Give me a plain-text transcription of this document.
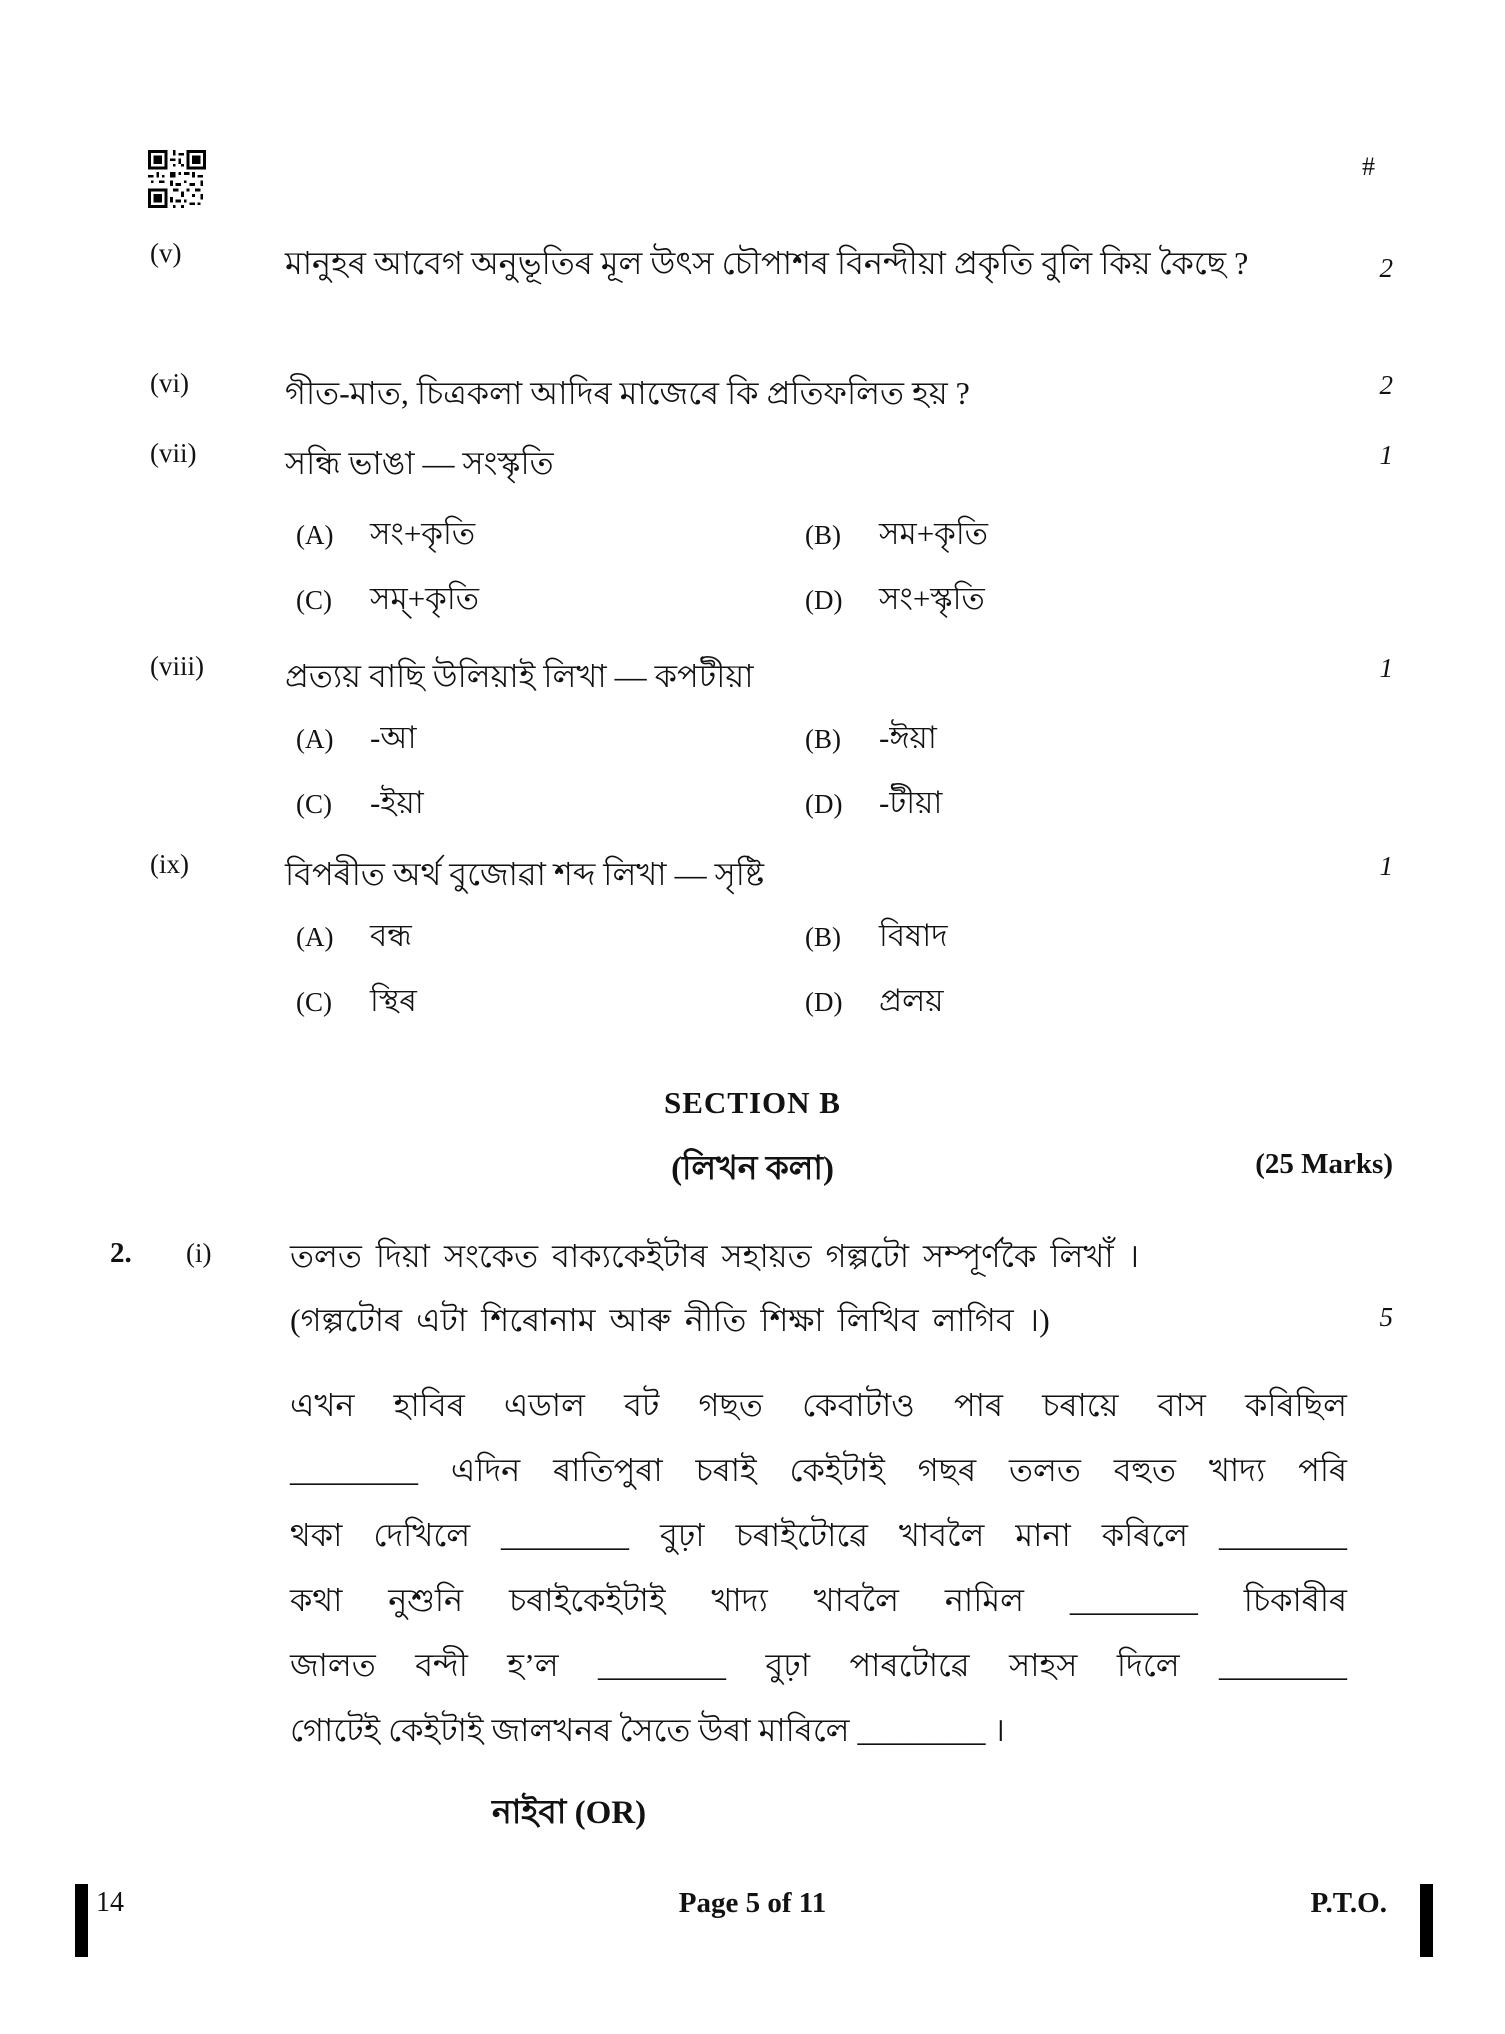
#
(v)	মানুহৰ আবেগ অনুভূতিৰ মূল উৎস চৌপাশৰ বিনন্দীয়া প্ৰকৃতি বুলি কিয় কৈছে ?	2
(vi)	গীত-মাত, চিত্ৰকলা আদিৰ মাজেৰে কি প্ৰতিফলিত হয় ?	2
(vii)	সন্ধি ভাঙা — সংস্কৃতি	1
(A)	সং+কৃতি	(B)	সম+কৃতি
(C)	সম্+কৃতি	(D)	সং+স্কৃতি
(viii)	প্ৰত্যয় বাছি উলিয়াই লিখা — কপটীয়া	1
(A)	-আ	(B)	-ঈয়া
(C)	-ইয়া	(D)	-টীয়া
(ix)	বিপৰীত অৰ্থ বুজোৱা শব্দ লিখা — সৃষ্টি	1
(A)	বন্ধ	(B)	বিষাদ
(C)	স্থিৰ	(D)	প্ৰলয়
SECTION B
(লিখন কলা)	(25 Marks)
2.	(i)	তলত দিয়া সংকেত বাক্যকেইটাৰ সহায়ত গল্পটো সম্পূৰ্ণকৈ লিখাঁ ।
(গল্পটোৰ এটা শিৰোনাম আৰু নীতি শিক্ষা লিখিব লাগিব ।)	5
এখন হাবিৰ এডাল বট গছত কেবাটাও পাৰ চৰায়ে বাস কৰিছিল
________ এদিন ৰাতিপুৰা চৰাই কেইটাই গছৰ তলত বহুত খাদ্য পৰি
থকা দেখিলে ________ বুঢ়া চৰাইটোৱে খাবলৈ মানা কৰিলে ________
কথা নুশুনি চৰাইকেইটাই খাদ্য খাবলৈ নামিল ________ চিকাৰীৰ
জালত বন্দী হ’ল ________ বুঢ়া পাৰটোৱে সাহস দিলে ________
গোটেই কেইটাই জালখনৰ সৈতে উৰা মাৰিলে ________ ।
নাইবা (OR)
14	Page 5 of 11	P.T.O.
